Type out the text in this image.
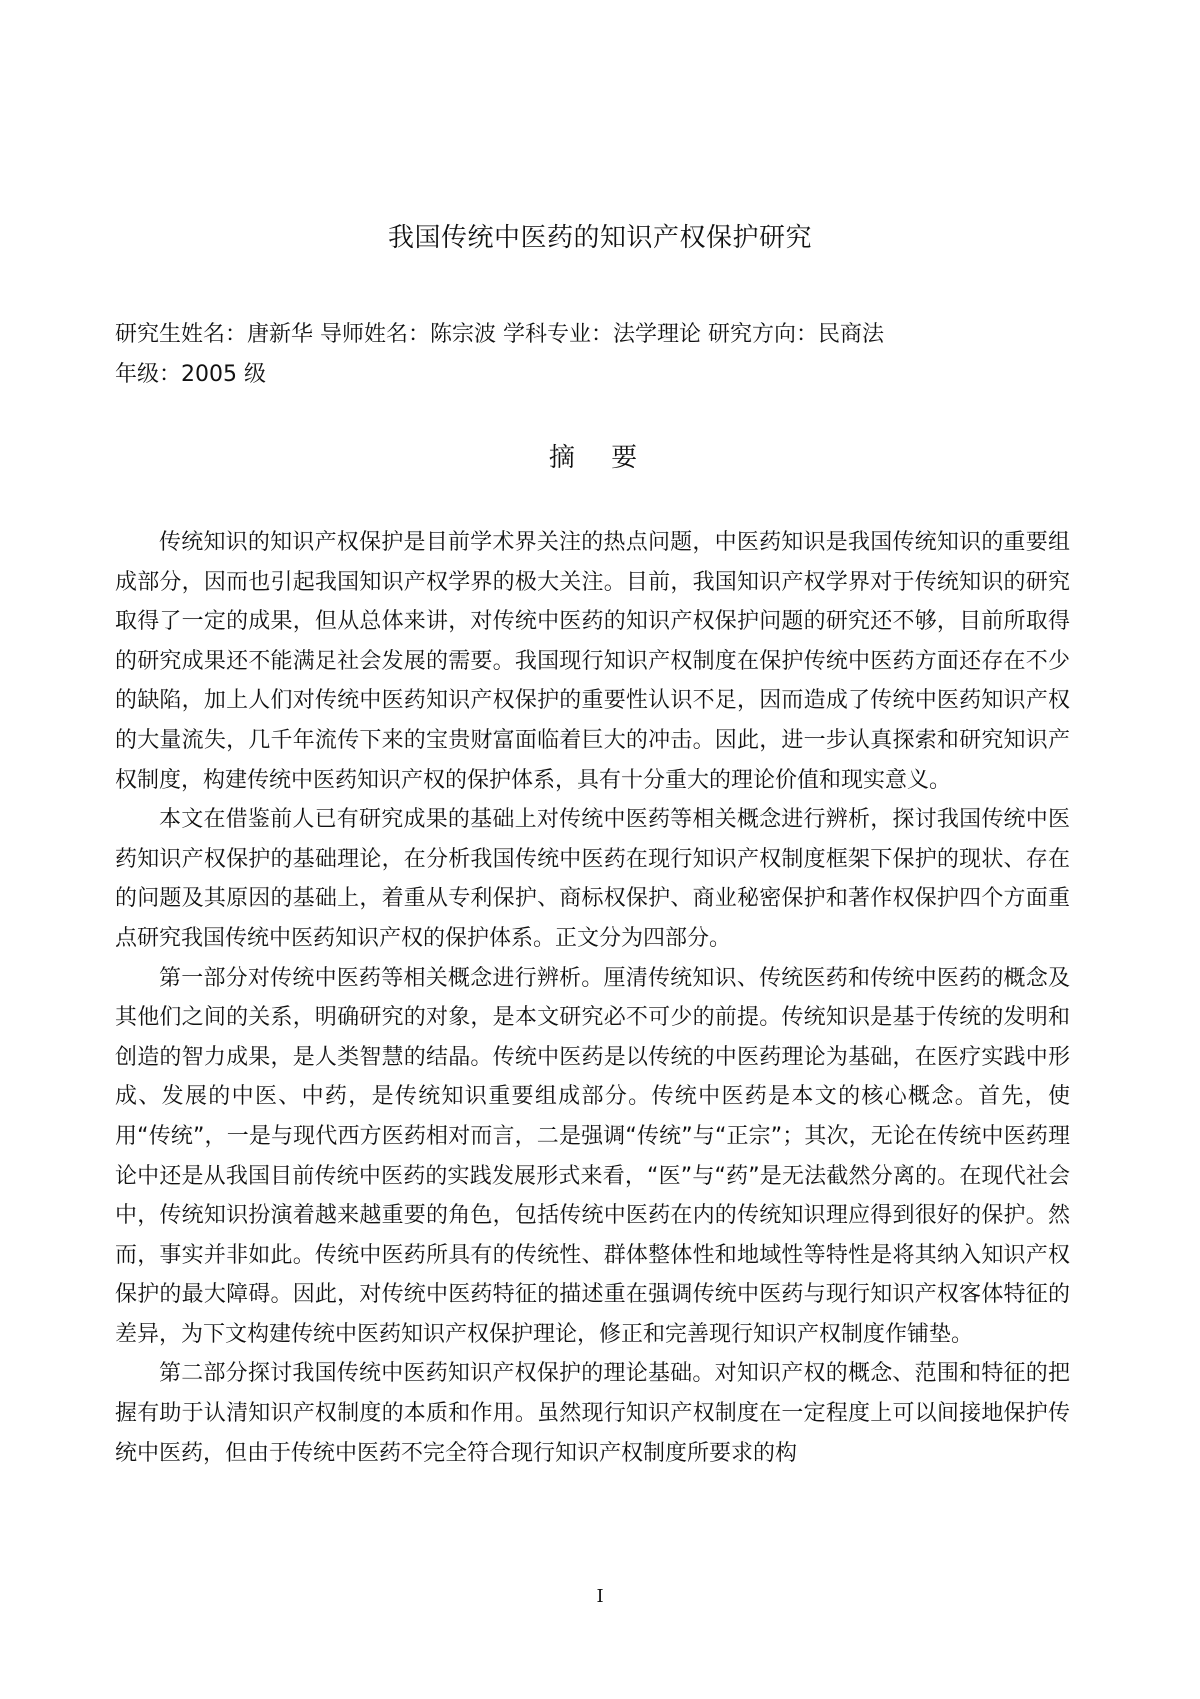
我国传统中医药的知识产权保护研究
研究生姓名：唐新华 导师姓名：陈宗波 学科专业：法学理论 研究方向：民商法
年级：2005 级
摘 要

传统知识的知识产权保护是目前学术界关注的热点问题，中医药知识是我国传统知识的重要组成部分，因而也引起我国知识产权学界的极大关注。目前，我国知识产权学界对于传统知识的研究取得了一定的成果，但从总体来讲，对传统中医药的知识产权保护问题的研究还不够，目前所取得的研究成果还不能满足社会发展的需要。我国现行知识产权制度在保护传统中医药方面还存在不少的缺陷，加上人们对传统中医药知识产权保护的重要性认识不足，因而造成了传统中医药知识产权的大量流失，几千年流传下来的宝贵财富面临着巨大的冲击。因此，进一步认真探索和研究知识产权制度，构建传统中医药知识产权的保护体系，具有十分重大的理论价值和现实意义。

本文在借鉴前人已有研究成果的基础上对传统中医药等相关概念进行辨析，探讨我国传统中医药知识产权保护的基础理论，在分析我国传统中医药在现行知识产权制度框架下保护的现状、存在的问题及其原因的基础上，着重从专利保护、商标权保护、商业秘密保护和著作权保护四个方面重点研究我国传统中医药知识产权的保护体系。正文分为四部分。

第一部分对传统中医药等相关概念进行辨析。厘清传统知识、传统医药和传统中医药的概念及其他们之间的关系，明确研究的对象，是本文研究必不可少的前提。传统知识是基于传统的发明和创造的智力成果，是人类智慧的结晶。传统中医药是以传统的中医药理论为基础，在医疗实践中形成、发展的中医、中药，是传统知识重要组成部分。传统中医药是本文的核心概念。首先，使用“传统”，一是与现代西方医药相对而言，二是强调“传统”与“正宗”；其次，无论在传统中医药理论中还是从我国目前传统中医药的实践发展形式来看，“医”与“药”是无法截然分离的。在现代社会中，传统知识扮演着越来越重要的角色，包括传统中医药在内的传统知识理应得到很好的保护。然而，事实并非如此。传统中医药所具有的传统性、群体整体性和地域性等特性是将其纳入知识产权保护的最大障碍。因此，对传统中医药特征的描述重在强调传统中医药与现行知识产权客体特征的差异，为下文构建传统中医药知识产权保护理论，修正和完善现行知识产权制度作铺垫。

第二部分探讨我国传统中医药知识产权保护的理论基础。对知识产权的概念、范围和特征的把握有助于认清知识产权制度的本质和作用。虽然现行知识产权制度在一定程度上可以间接地保护传统中医药，但由于传统中医药不完全符合现行知识产权制度所要求的构

I
